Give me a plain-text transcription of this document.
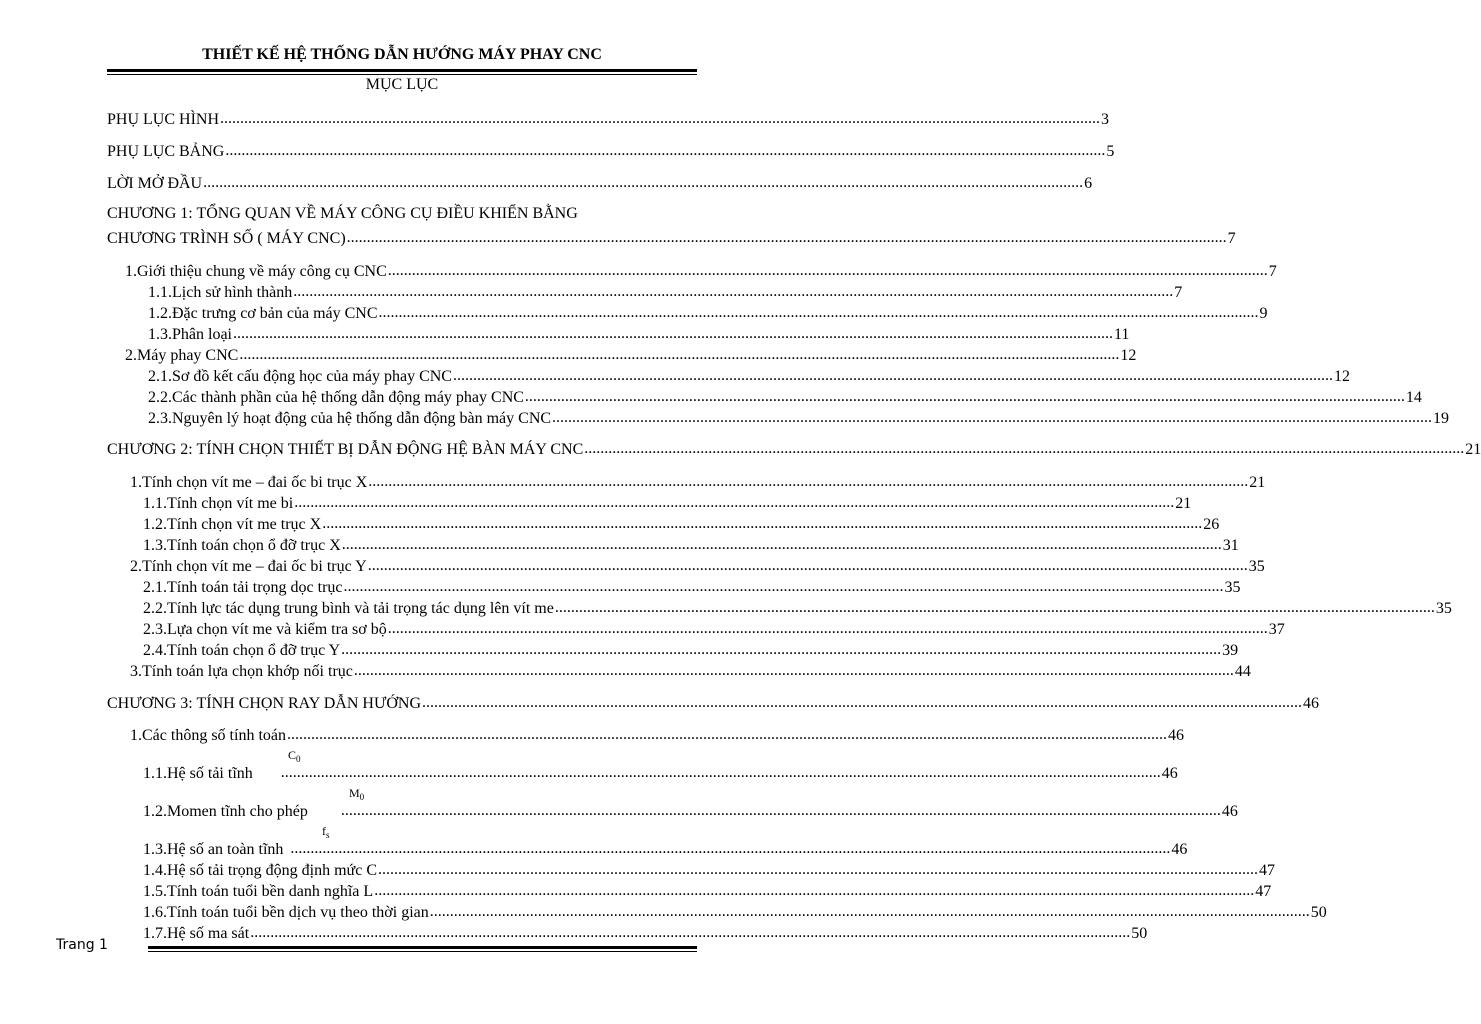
THIẾT KẾ HỆ THỐNG DẪN HƯỚNG MÁY PHAY CNC
MỤC LỤC
PHỤ LỤC HÌNH ............................................................................................................................................................................................................................ 3
PHỤ LỤC BẢNG ............................................................................................................................................................................................................................ 5
LỜI MỞ ĐẦU ............................................................................................................................................................................................................................ 6
CHƯƠNG 1: TỔNG QUAN VỀ MÁY CÔNG CỤ ĐIỀU KHIỂN BẰNG
CHƯƠNG TRÌNH SỐ ( MÁY CNC) ............................................................................................................................................................................................................................ 7
1. Giới thiệu chung về máy công cụ CNC ............................................................................................................................................................................................................................ 7
1.1. Lịch sử hình thành ............................................................................................................................................................................................................................ 7
1.2. Đặc trưng cơ bản của máy CNC ............................................................................................................................................................................................................................ 9
1.3. Phân loại ............................................................................................................................................................................................................................ 11
2. Máy phay CNC ............................................................................................................................................................................................................................ 12
2.1. Sơ đồ kết cấu động học của máy phay CNC ............................................................................................................................................................................................................................ 12
2.2. Các thành phần của hệ thống dẫn động máy phay CNC ............................................................................................................................................................................................................................ 14
2.3. Nguyên lý hoạt động của hệ thống dẫn động bàn máy CNC ............................................................................................................................................................................................................................ 19
CHƯƠNG 2: TÍNH CHỌN THIẾT BỊ DẪN ĐỘNG HỆ BÀN MÁY CNC ............................................................................................................................................................................................................................ 21
1. Tính chọn vít me – đai ốc bi trục X ............................................................................................................................................................................................................................ 21
1.1. Tính chọn vít me bi ............................................................................................................................................................................................................................ 21
1.2. Tính chọn vít me trục X ............................................................................................................................................................................................................................ 26
1.3. Tính toán chọn ổ đỡ trục X ............................................................................................................................................................................................................................ 31
2. Tính chọn vít me – đai ốc bi trục Y ............................................................................................................................................................................................................................ 35
2.1. Tính toán tải trọng dọc trục ............................................................................................................................................................................................................................ 35
2.2. Tính lực tác dụng trung bình và tải trọng tác dụng lên vít me ............................................................................................................................................................................................................................ 35
2.3. Lựa chọn vít me và kiểm tra sơ bộ ............................................................................................................................................................................................................................ 37
2.4. Tính toán chọn ổ đỡ trục Y ............................................................................................................................................................................................................................ 39
3. Tính toán lựa chọn khớp nối trục ............................................................................................................................................................................................................................ 44
CHƯƠNG 3: TÍNH CHỌN RAY DẪN HƯỚNG ............................................................................................................................................................................................................................ 46
1. Các thông số tính toán ............................................................................................................................................................................................................................ 46
$C_0$
1.1. Hệ số tải tĩnh ............................................................................................................................................................................................................................ 46
$M_0$
1.2. Momen tĩnh cho phép ............................................................................................................................................................................................................................ 46
$f_s$
1.3. Hệ số an toàn tĩnh ............................................................................................................................................................................................................................ 46
1.4. Hệ số tải trọng động định mức C ............................................................................................................................................................................................................................ 47
1.5. Tính toán tuổi bền danh nghĩa L ............................................................................................................................................................................................................................ 47
1.6. Tính toán tuổi bền dịch vụ theo thời gian ............................................................................................................................................................................................................................ 50
1.7. Hệ số ma sát ............................................................................................................................................................................................................................ 50
Trang 1
